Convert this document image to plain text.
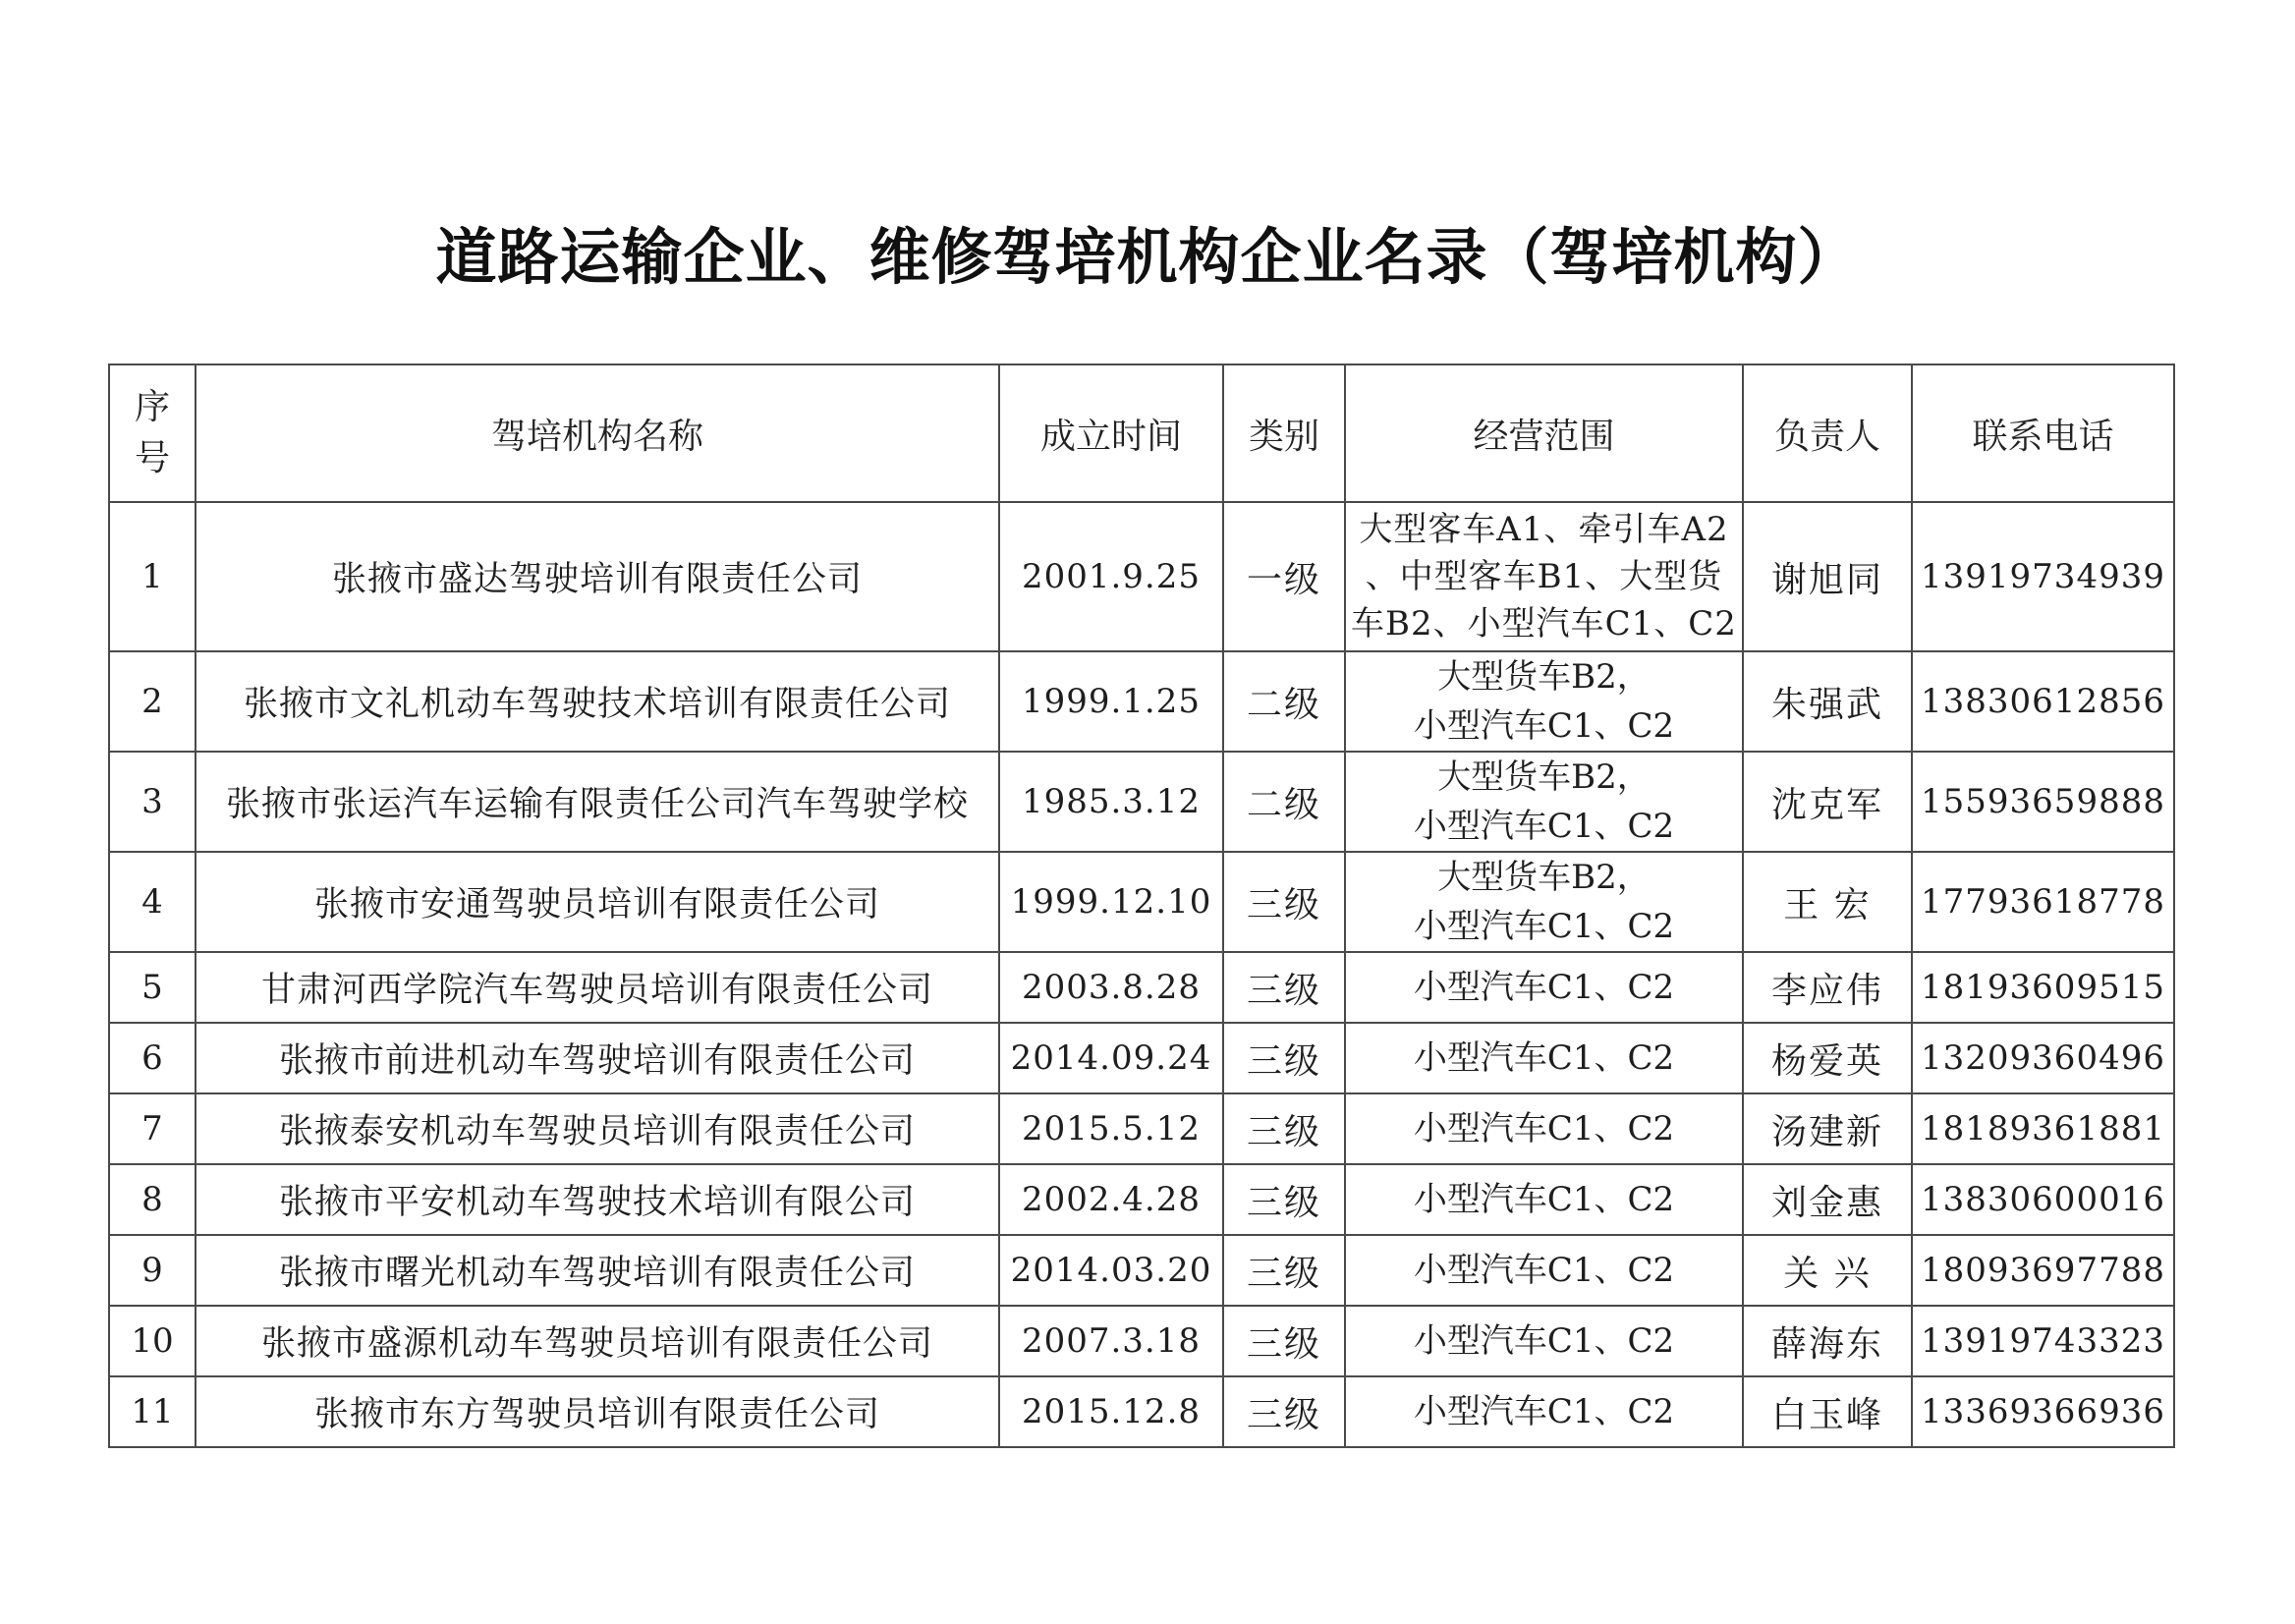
道路运输企业、维修驾培机构企业名录（驾培机构）
序
号	驾培机构名称	成立时间	类别	经营范围	负责人	联系电话
1	张掖市盛达驾驶培训有限责任公司	2001.9.25	一级	大型客车A1、牵引车A2
、中型客车B1、大型货
车B2、小型汽车C1、C2	谢旭同	13919734939
2	张掖市文礼机动车驾驶技术培训有限责任公司	1999.1.25	二级	大型货车B2，
小型汽车C1、C2	朱强武	13830612856
3	张掖市张运汽车运输有限责任公司汽车驾驶学校	1985.3.12	二级	大型货车B2，
小型汽车C1、C2	沈克军	15593659888
4	张掖市安通驾驶员培训有限责任公司	1999.12.10	三级	大型货车B2，
小型汽车C1、C2	王 宏	17793618778
5	甘肃河西学院汽车驾驶员培训有限责任公司	2003.8.28	三级	小型汽车C1、C2	李应伟	18193609515
6	张掖市前进机动车驾驶培训有限责任公司	2014.09.24	三级	小型汽车C1、C2	杨爱英	13209360496
7	张掖泰安机动车驾驶员培训有限责任公司	2015.5.12	三级	小型汽车C1、C2	汤建新	18189361881
8	张掖市平安机动车驾驶技术培训有限公司	2002.4.28	三级	小型汽车C1、C2	刘金惠	13830600016
9	张掖市曙光机动车驾驶培训有限责任公司	2014.03.20	三级	小型汽车C1、C2	关 兴	18093697788
10	张掖市盛源机动车驾驶员培训有限责任公司	2007.3.18	三级	小型汽车C1、C2	薛海东	13919743323
11	张掖市东方驾驶员培训有限责任公司	2015.12.8	三级	小型汽车C1、C2	白玉峰	13369366936
